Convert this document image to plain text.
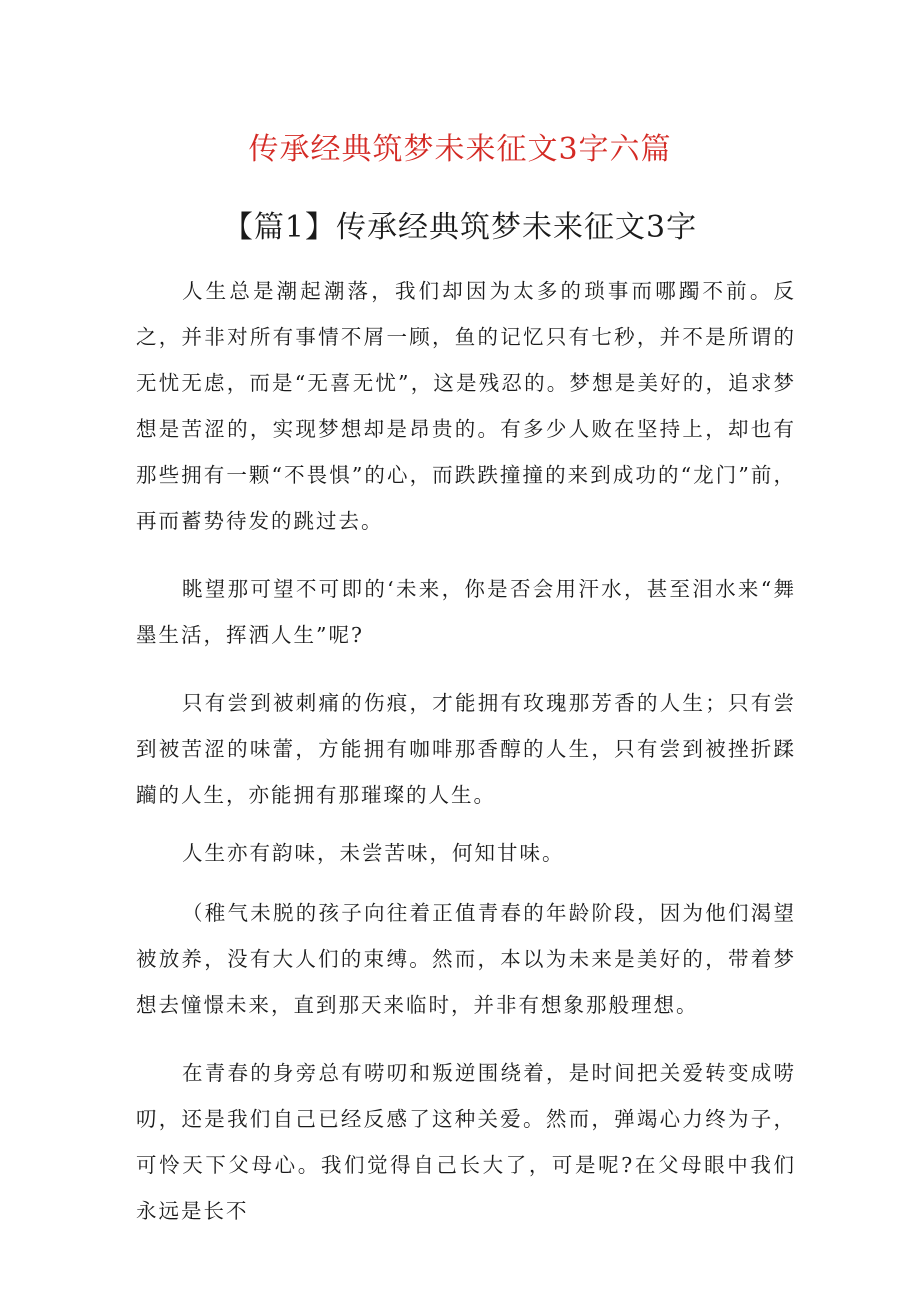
传承经典筑梦未来征文3字六篇
【篇1】传承经典筑梦未来征文3字

人生总是潮起潮落，我们却因为太多的琐事而哪躅不前。反之，并非对所有事情不屑一顾，鱼的记忆只有七秒，并不是所谓的无忧无虑，而是“无喜无忧”，这是残忍的。梦想是美好的，追求梦想是苦涩的，实现梦想却是昂贵的。有多少人败在坚持上，却也有那些拥有一颗“不畏惧”的心，而跌跌撞撞的来到成功的“龙门”前，再而蓄势待发的跳过去。

眺望那可望不可即的‘未来，你是否会用汗水，甚至泪水来“舞墨生活，挥洒人生”呢?

只有尝到被刺痛的伤痕，才能拥有玫瑰那芳香的人生；只有尝到被苦涩的味蕾，方能拥有咖啡那香醇的人生，只有尝到被挫折蹂躏的人生，亦能拥有那璀璨的人生。

人生亦有韵味，未尝苦味，何知甘味。

（稚气未脱的孩子向往着正值青春的年龄阶段，因为他们渴望被放养，没有大人们的束缚。然而，本以为未来是美好的，带着梦想去憧憬未来，直到那天来临时，并非有想象那般理想。

在青春的身旁总有唠叨和叛逆围绕着，是时间把关爱转变成唠叨，还是我们自己已经反感了这种关爱。然而，弹竭心力终为子，可怜天下父母心。我们觉得自己长大了，可是呢?在父母眼中我们永远是长不
